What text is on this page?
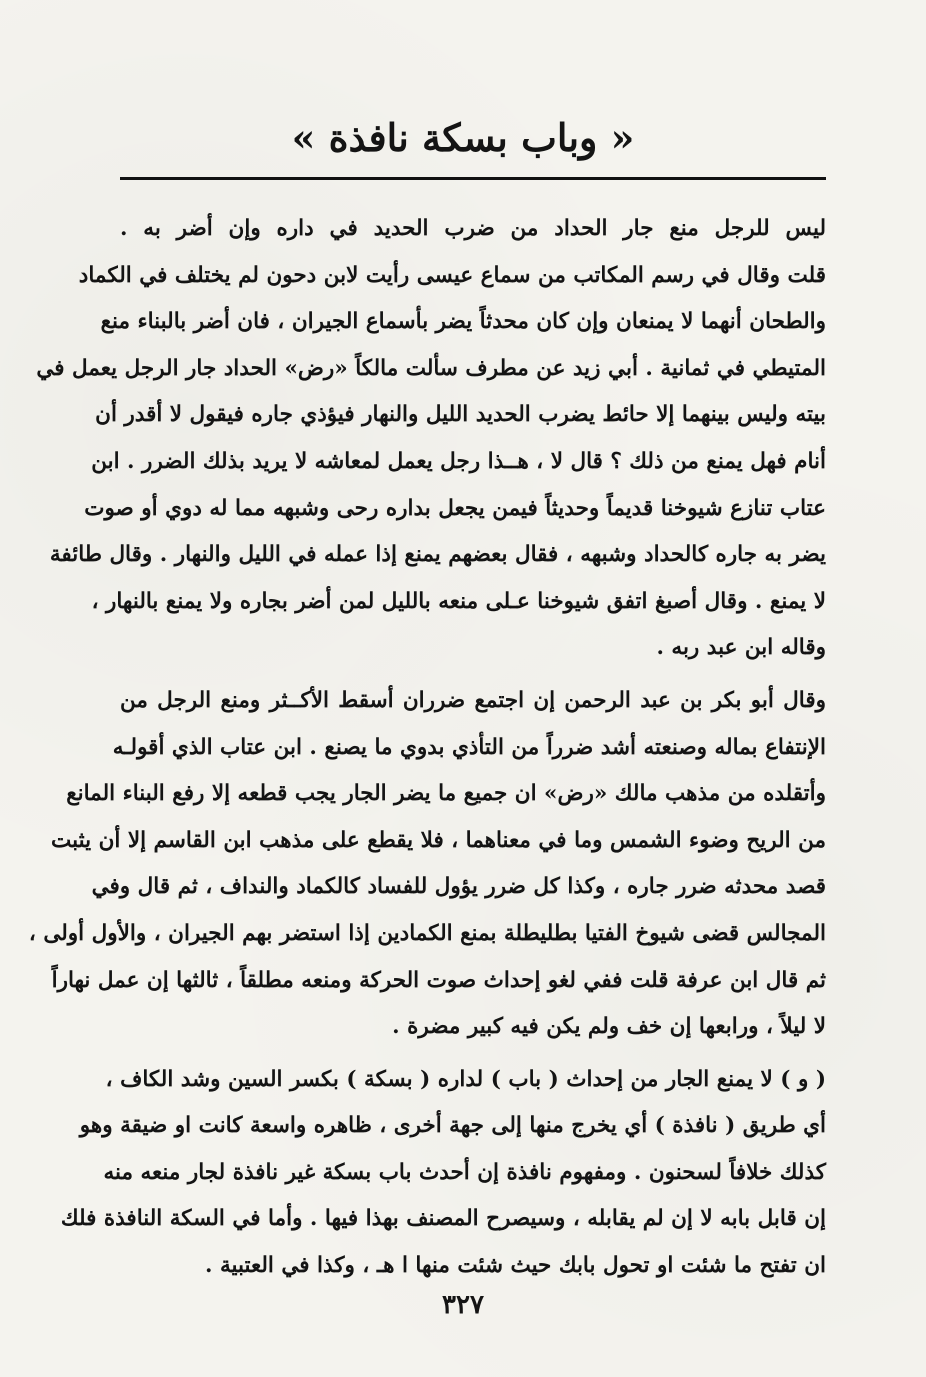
« وباب بسكة نافذة »
ليس للرجل منع جار الحداد من ضرب الحديد في داره وإن أضر به .
قلت وقال في رسم المكاتب من سماع عيسى رأيت لابن دحون لم يختلف في الكماد
والطحان أنهما لا يمنعان وإن كان محدثاً يضر بأسماع الجيران ، فان أضر بالبناء منع
المتيطي في ثمانية . أبي زيد عن مطرف سألت مالكاً «رض» الحداد جار الرجل يعمل في
بيته وليس بينهما إلا حائط يضرب الحديد الليل والنهار فيؤذي جاره فيقول لا أقدر أن
أنام فهل يمنع من ذلك ؟ قال لا ، هــذا رجل يعمل لمعاشه لا يريد بذلك الضرر . ابن
عتاب تنازع شيوخنا قديماً وحديثاً فيمن يجعل بداره رحى وشبهه مما له دوي أو صوت
يضر به جاره كالحداد وشبهه ، فقال بعضهم يمنع إذا عمله في الليل والنهار . وقال طائفة
لا يمنع . وقال أصبغ اتفق شيوخنا عـلى منعه بالليل لمن أضر بجاره ولا يمنع بالنهار ،
وقاله ابن عبد ربه .
وقال أبو بكر بن عبد الرحمن إن اجتمع ضرران أسقط الأكــثر ومنع الرجل من
الإنتفاع بماله وصنعته أشد ضرراً من التأذي بدوي ما يصنع . ابن عتاب الذي أقولـه
وأتقلده من مذهب مالك «رض» ان جميع ما يضر الجار يجب قطعه إلا رفع البناء المانع
من الريح وضوء الشمس وما في معناهما ، فلا يقطع على مذهب ابن القاسم إلا أن يثبت
قصد محدثه ضرر جاره ، وكذا كل ضرر يؤول للفساد كالكماد والنداف ، ثم قال وفي
المجالس قضى شيوخ الفتيا بطليطلة بمنع الكمادين إذا استضر بهم الجيران ، والأول أولى ،
ثم قال ابن عرفة قلت ففي لغو إحداث صوت الحركة ومنعه مطلقاً ، ثالثها إن عمل نهاراً
لا ليلاً ، ورابعها إن خف ولم يكن فيه كبير مضرة .
( و ) لا يمنع الجار من إحداث ( باب ) لداره ( بسكة ) بكسر السين وشد الكاف ،
أي طريق ( نافذة ) أي يخرج منها إلى جهة أخرى ، ظاهره واسعة كانت او ضيقة وهو
كذلك خلافاً لسحنون . ومفهوم نافذة إن أحدث باب بسكة غير نافذة لجار منعه منه
إن قابل بابه لا إن لم يقابله ، وسيصرح المصنف بهذا فيها . وأما في السكة النافذة فلك
ان تفتح ما شئت او تحول بابك حيث شئت منها ا هـ ، وكذا في العتبية .
٣٢٧
